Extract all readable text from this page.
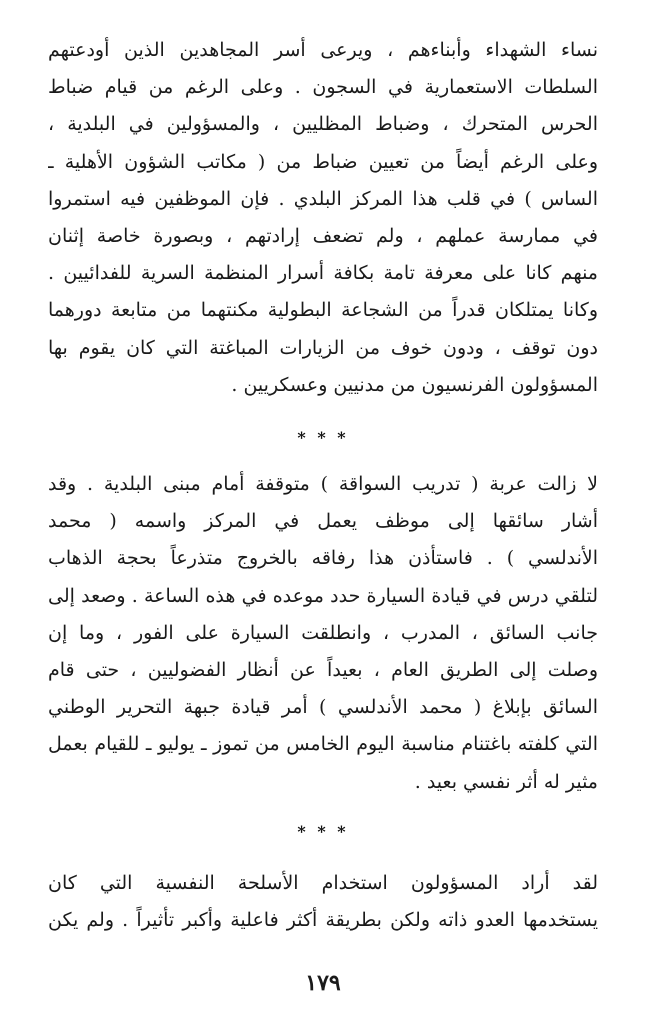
نساء الشهداء وأبناءهم ، ويرعى أسر المجاهدين الذين أودعتهم
السلطات الاستعمارية في السجون . وعلى الرغم من قيام ضباط
الحرس المتحرك ، وضباط المظليين ، والمسؤولين في البلدية ،
وعلى الرغم أيضاً من تعيين ضباط من ( مكاتب الشؤون الأهلية ـ
الساس ) في قلب هذا المركز البلدي . فإن الموظفين فيه استمروا
في ممارسة عملهم ، ولم تضعف إرادتهم ، وبصورة خاصة إثنان
منهم كانا على معرفة تامة بكافة أسرار المنظمة السرية للفدائيين .
وكانا يمتلكان قدراً من الشجاعة البطولية مكنتهما من متابعة دورهما
دون توقف ، ودون خوف من الزيارات المباغتة التي كان يقوم بها
المسؤولون الفرنسيون من مدنيين وعسكريين .
* * *
لا زالت عربة ( تدريب السواقة ) متوقفة أمام مبنى البلدية . وقد
أشار سائقها إلى موظف يعمل في المركز واسمه ( محمد
الأندلسي ) . فاستأذن هذا رفاقه بالخروج متذرعاً بحجة الذهاب
لتلقي درس في قيادة السيارة حدد موعده في هذه الساعة . وصعد إلى
جانب السائق ، المدرب ، وانطلقت السيارة على الفور ، وما إن
وصلت إلى الطريق العام ، بعيداً عن أنظار الفضوليين ، حتى قام
السائق بإبلاغ ( محمد الأندلسي ) أمر قيادة جبهة التحرير الوطني
التي كلفته باغتنام مناسبة اليوم الخامس من تموز ـ يوليو ـ للقيام بعمل
مثير له أثر نفسي بعيد .
* * *
لقد أراد المسؤولون استخدام الأسلحة النفسية التي كان
يستخدمها العدو ذاته ولكن بطريقة أكثر فاعلية وأكبر تأثيراً . ولم يكن
١٧٩
